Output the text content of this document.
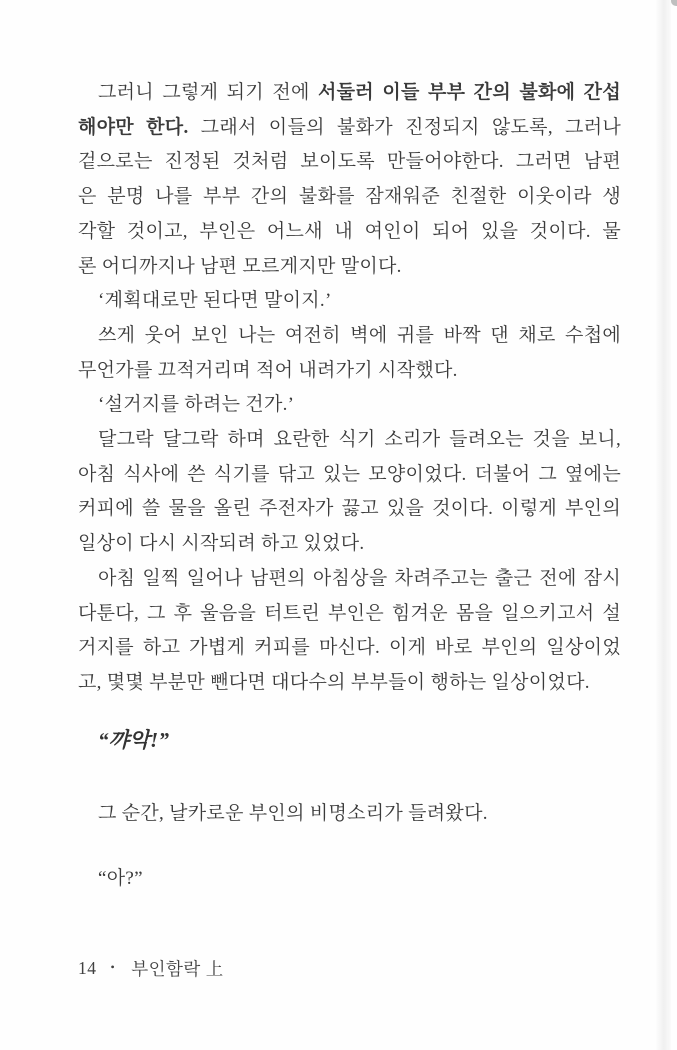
그러니 그렇게 되기 전에 서둘러 이들 부부 간의 불화에 간섭
해야만 한다. 그래서 이들의 불화가 진정되지 않도록, 그러나
겉으로는 진정된 것처럼 보이도록 만들어야한다. 그러면 남편
은 분명 나를 부부 간의 불화를 잠재워준 친절한 이웃이라 생
각할 것이고, 부인은 어느새 내 여인이 되어 있을 것이다. 물
론 어디까지나 남편 모르게지만 말이다.
‘계획대로만 된다면 말이지.’
쓰게 웃어 보인 나는 여전히 벽에 귀를 바짝 댄 채로 수첩에
무언가를 끄적거리며 적어 내려가기 시작했다.
‘설거지를 하려는 건가.’
달그락 달그락 하며 요란한 식기 소리가 들려오는 것을 보니,
아침 식사에 쓴 식기를 닦고 있는 모양이었다. 더불어 그 옆에는
커피에 쓸 물을 올린 주전자가 끓고 있을 것이다. 이렇게 부인의
일상이 다시 시작되려 하고 있었다.
아침 일찍 일어나 남편의 아침상을 차려주고는 출근 전에 잠시
다툰다, 그 후 울음을 터트린 부인은 힘겨운 몸을 일으키고서 설
거지를 하고 가볍게 커피를 마신다. 이게 바로 부인의 일상이었
고, 몇몇 부분만 뺀다면 대다수의 부부들이 행하는 일상이었다.
“꺄악!”
그 순간, 날카로운 부인의 비명소리가 들려왔다.
“아?”
14 • 부인함락 上
